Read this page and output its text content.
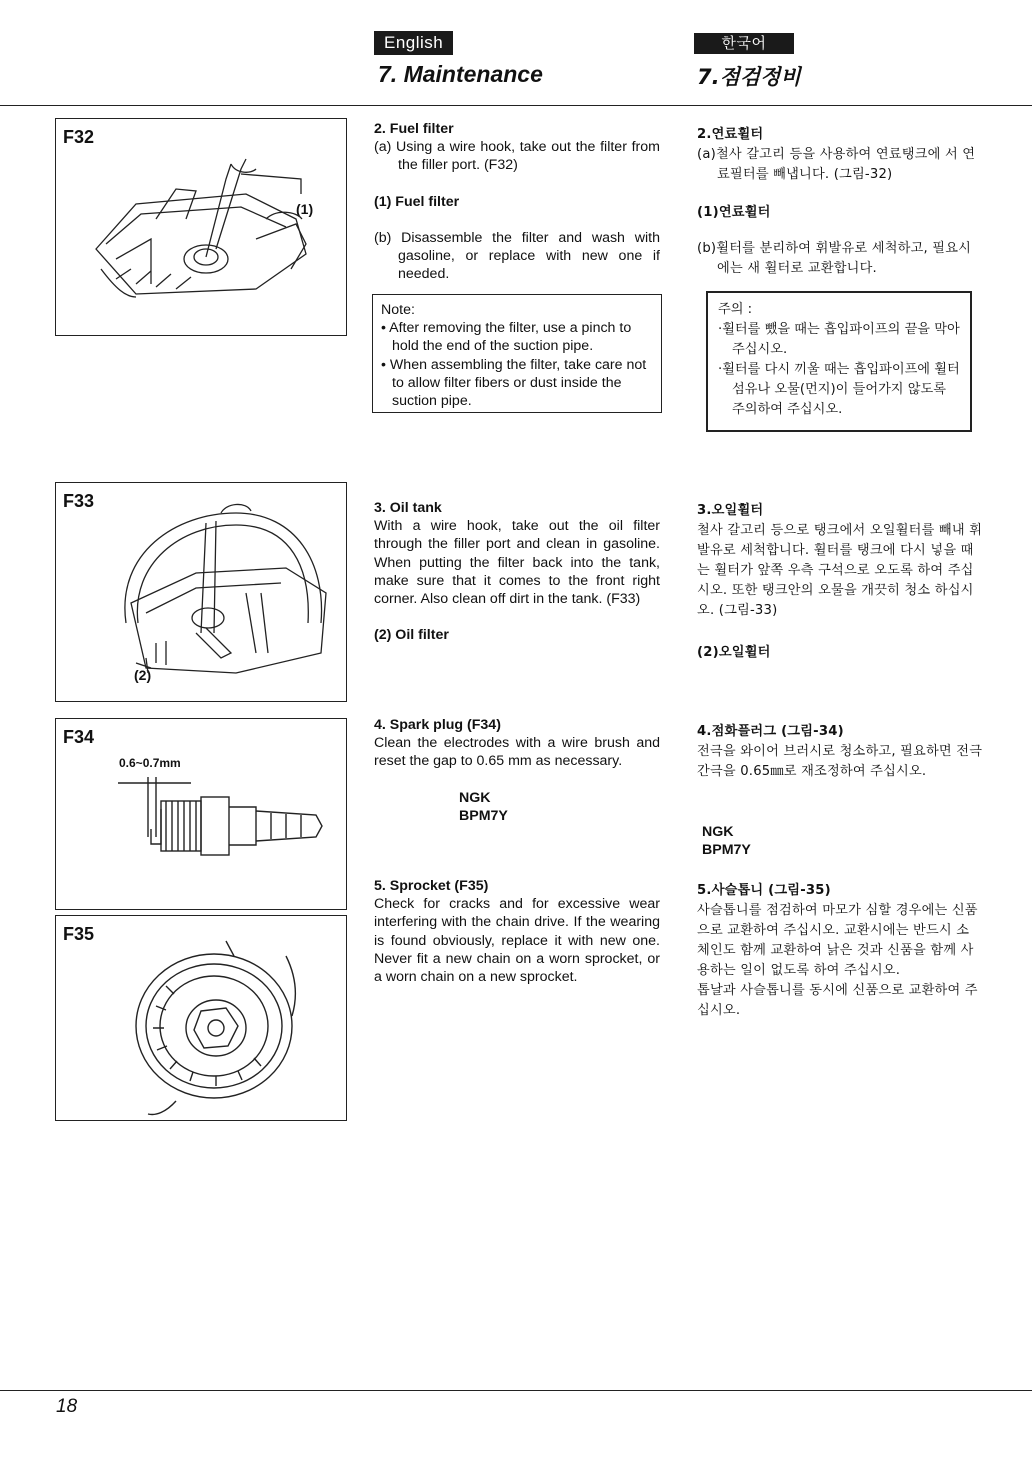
English
7. Maintenance
한국어
7.점검정비
F32
(1)
F33
(2)
F34
0.6~0.7mm
F35

2. Fuel filter

(a) Using a wire hook, take out the filter from the filler port. (F32)

(1) Fuel filter

(b) Disassemble the filter and wash with gasoline, or replace with new one if needed.

Note:

• After removing the filter, use a pinch to hold the end of the suction pipe.

• When assembling the filter, take care not to allow filter fibers or dust inside the suction pipe.

3. Oil tank

With a wire hook, take out the oil filter through the filler port and clean in gasoline. When putting the filter back into the tank, make sure that it comes to the front right corner. Also clean off dirt in the tank. (F33)

(2) Oil filter

4. Spark plug (F34)

Clean the electrodes with a wire brush and reset the gap to 0.65 mm as necessary.

NGK

BPM7Y

5. Sprocket (F35)

Check for cracks and for excessive wear interfering with the chain drive. If the wearing is found obviously, replace it with new one. Never fit a new chain on a worn sprocket, or a worn chain on a new sprocket.

2.연료휠터

(a)철사 갈고리 등을 사용하여 연료탱크에 서 연료필터를 빼냅니다. (그림-32)

(1)연료휠터

(b)휠터를 분리하여 휘발유로 세척하고, 필요시에는 새 휠터로 교환합니다.

주의 :

·휠터를 뺐을 때는 흡입파이프의 끝을 막아 주십시오.

·휠터를 다시 끼울 때는 흡입파이프에 휠터 섬유나 오물(먼지)이 들어가지 않도록 주의하여 주십시오.

3.오일휠터

철사 갈고리 등으로 탱크에서 오일휠터를 빼내 휘발유로 세척합니다. 휠터를 탱크에 다시 넣을 때는 휠터가 앞쪽 우측 구석으로 오도록 하여 주십시오. 또한 탱크안의 오물을 개끗히 청소 하십시오. (그림-33)

(2)오일휠터

4.점화플러그 (그림-34)

전극을 와이어 브러시로 청소하고, 필요하면 전극간극을 0.65㎜로 재조정하여 주십시오.

NGK

BPM7Y

5.사슬톱니 (그림-35)

사슬톱니를 점검하여 마모가 심할 경우에는 신품으로 교환하여 주십시오. 교환시에는 반드시 소 체인도 함께 교환하여 낡은 것과 신품을 함께 사용하는 일이 없도록 하여 주십시오.

톱날과 사슬톱니를 동시에 신품으로 교환하여 주십시오.

18
